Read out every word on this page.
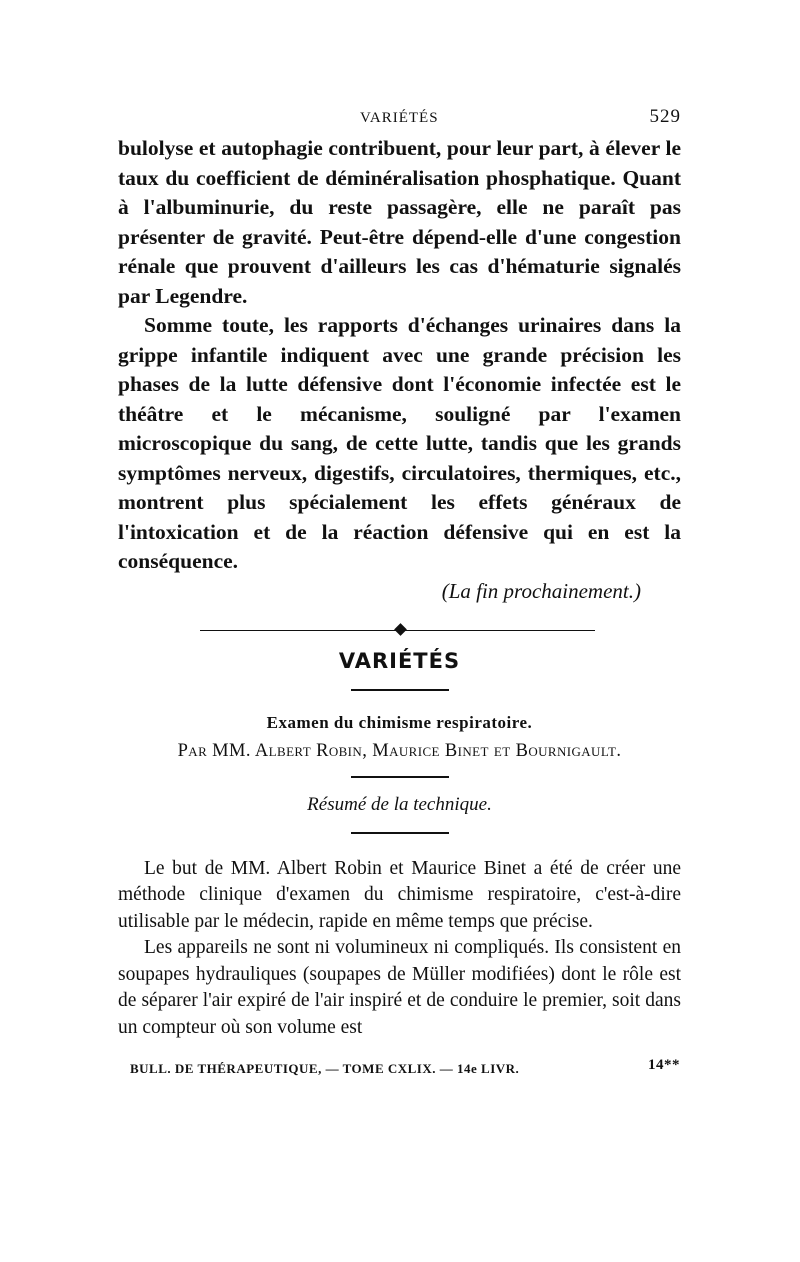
VARIÉTÉS	529

bulolyse et autophagie contribuent, pour leur part, à élever le taux du coefficient de déminéralisation phosphatique. Quant à l'albuminurie, du reste passagère, elle ne paraît pas présenter de gravité. Peut-être dépend-elle d'une congestion rénale que prouvent d'ailleurs les cas d'hématurie signalés par Legendre.

Somme toute, les rapports d'échanges urinaires dans la grippe infantile indiquent avec une grande précision les phases de la lutte défensive dont l'économie infectée est le théâtre et le mécanisme, souligné par l'examen microscopique du sang, de cette lutte, tandis que les grands symptômes nerveux, digestifs, circulatoires, thermiques, etc., montrent plus spécialement les effets généraux de l'intoxication et de la réaction défensive qui en est la conséquence.

(La fin prochainement.)
VARIÉTÉS
Examen du chimisme respiratoire.
Par MM. Albert Robin, Maurice Binet et Bournigault.
Résumé de la technique.

Le but de MM. Albert Robin et Maurice Binet a été de créer une méthode clinique d'examen du chimisme respiratoire, c'est-à-dire utilisable par le médecin, rapide en même temps que précise.

Les appareils ne sont ni volumineux ni compliqués. Ils consistent en soupapes hydrauliques (soupapes de Müller modifiées) dont le rôle est de séparer l'air expiré de l'air inspiré et de conduire le premier, soit dans un compteur où son volume est

BULL. DE THÉRAPEUTIQUE, — TOME CXLIX. — 14e LIVR.	14**
